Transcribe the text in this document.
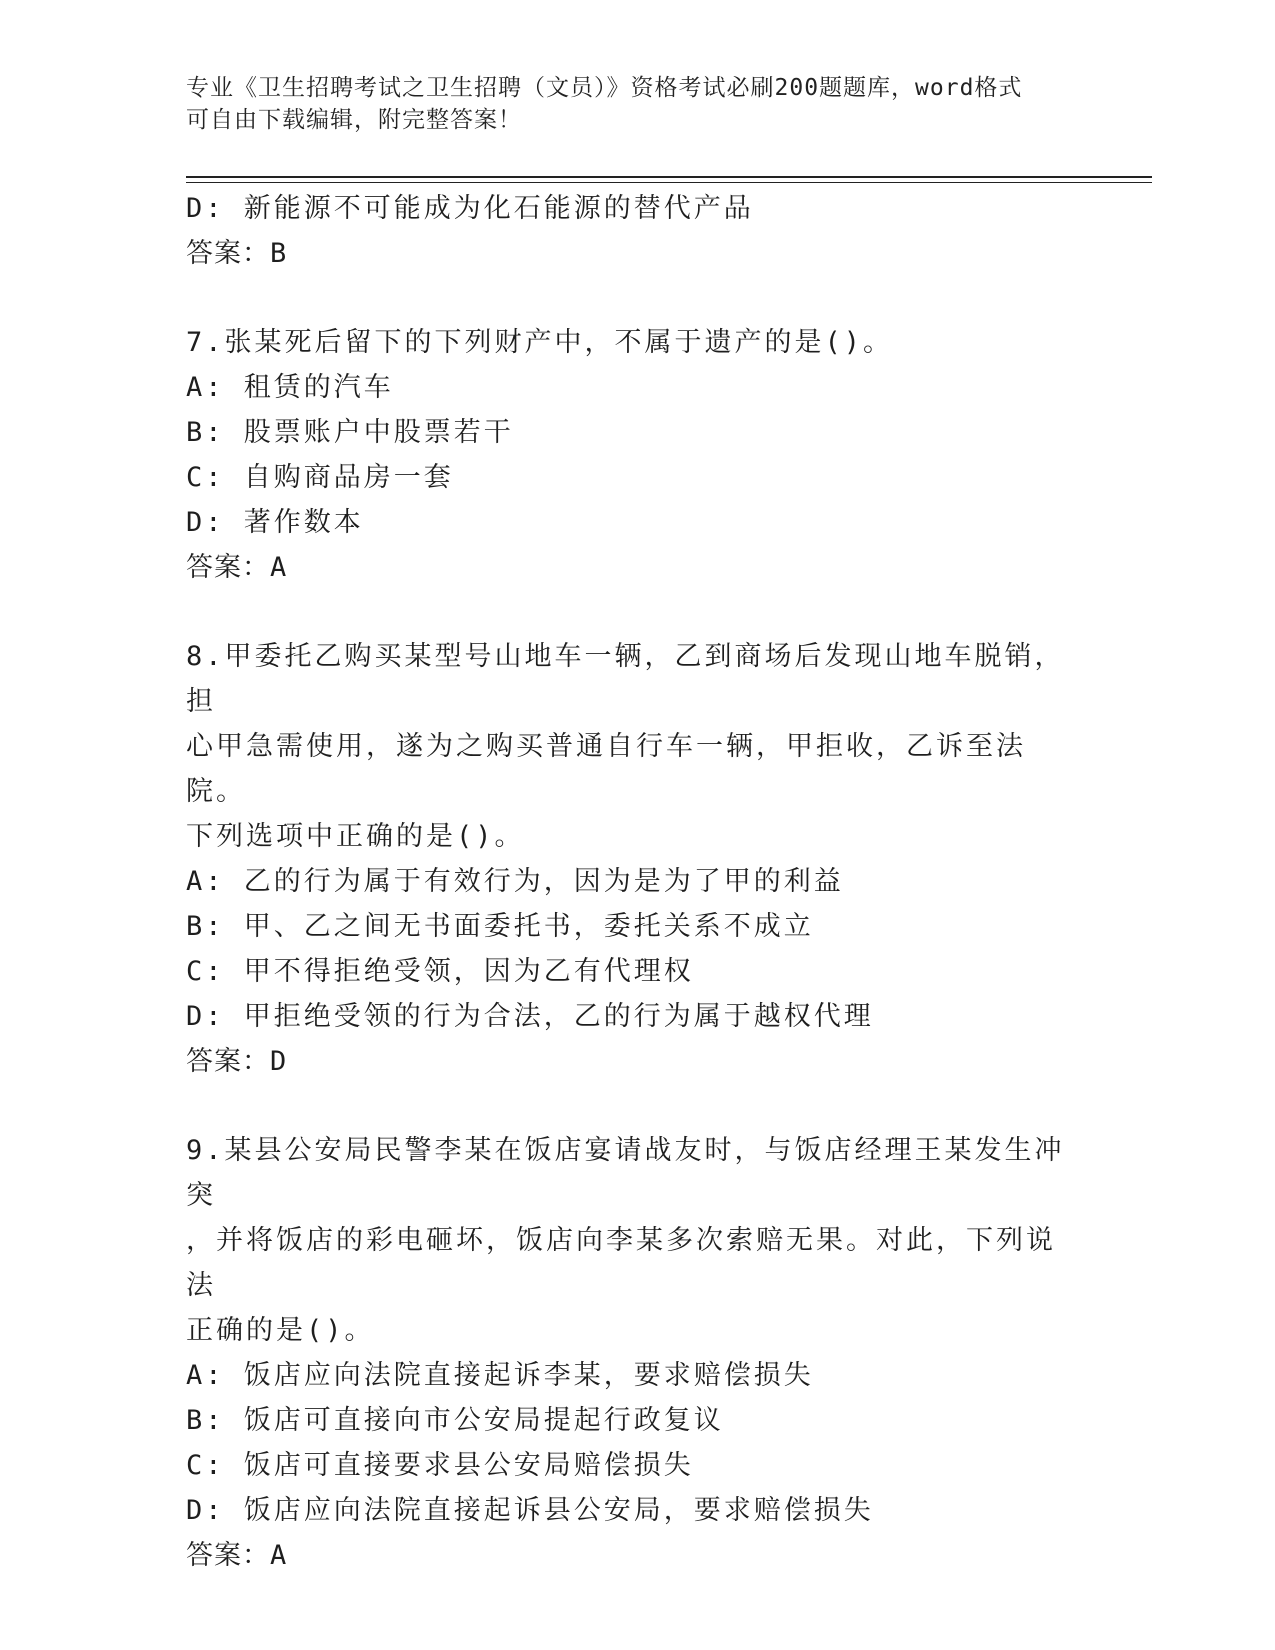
专业《卫生招聘考试之卫生招聘（文员）》资格考试必刷200题题库，word格式
可自由下载编辑，附完整答案！
D: 新能源不可能成为化石能源的替代产品
答案：B
7.张某死后留下的下列财产中，不属于遗产的是()。
A: 租赁的汽车
B: 股票账户中股票若干
C: 自购商品房一套
D: 著作数本
答案：A
8.甲委托乙购买某型号山地车一辆，乙到商场后发现山地车脱销，担
心甲急需使用，遂为之购买普通自行车一辆，甲拒收，乙诉至法院。
下列选项中正确的是()。
A: 乙的行为属于有效行为，因为是为了甲的利益
B: 甲、乙之间无书面委托书，委托关系不成立
C: 甲不得拒绝受领，因为乙有代理权
D: 甲拒绝受领的行为合法，乙的行为属于越权代理
答案：D
9.某县公安局民警李某在饭店宴请战友时，与饭店经理王某发生冲突
，并将饭店的彩电砸坏，饭店向李某多次索赔无果。对此，下列说法
正确的是()。
A: 饭店应向法院直接起诉李某，要求赔偿损失
B: 饭店可直接向市公安局提起行政复议
C: 饭店可直接要求县公安局赔偿损失
D: 饭店应向法院直接起诉县公安局，要求赔偿损失
答案：A
